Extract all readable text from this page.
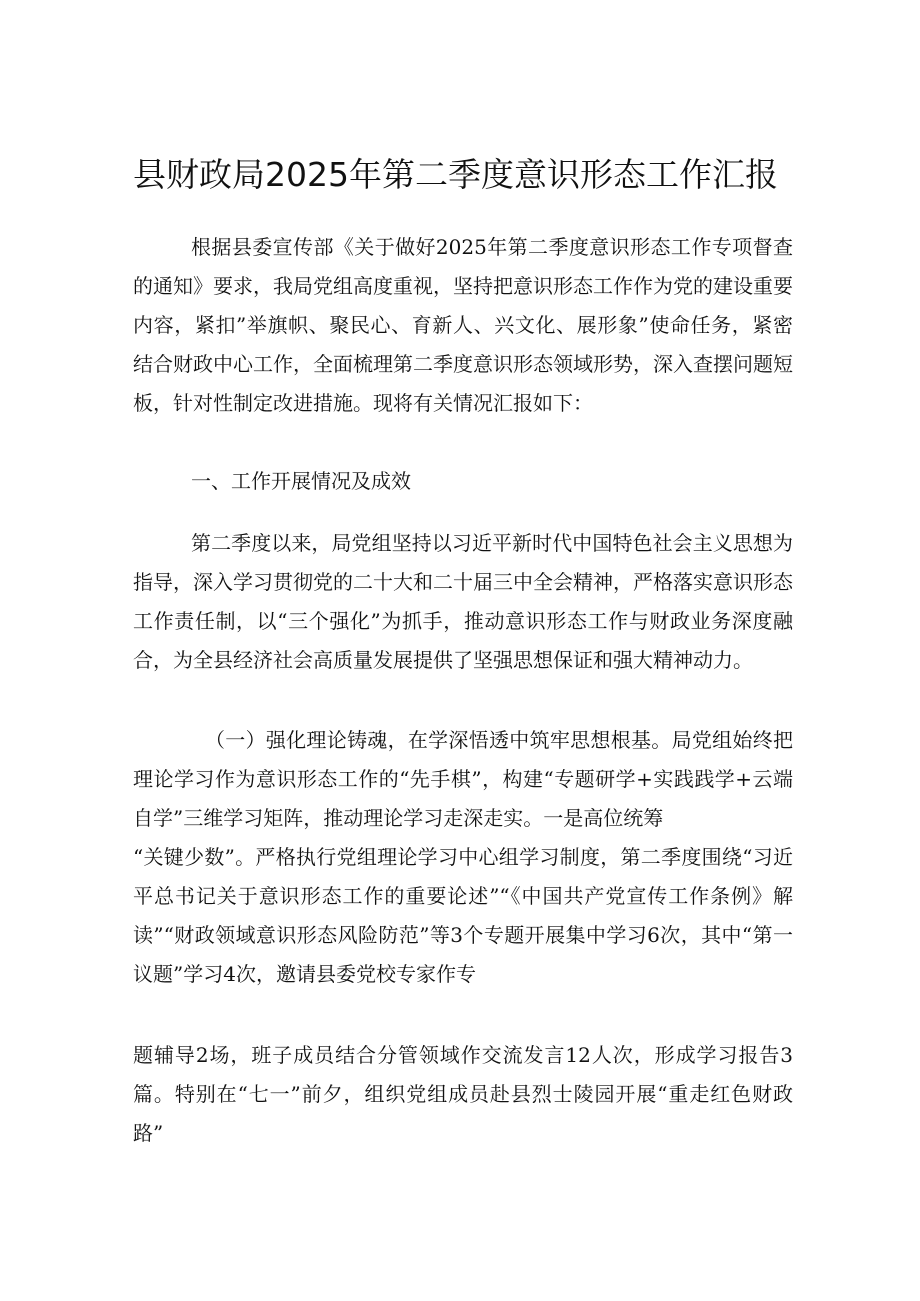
县财政局2025年第二季度意识形态工作汇报

根据县委宣传部《关于做好2025年第二季度意识形态工作专项督查的通知》要求，我局党组高度重视，坚持把意识形态工作作为党的建设重要内容，紧扣”举旗帜、聚民心、育新人、兴文化、展形象”使命任务，紧密结合财政中心工作，全面梳理第二季度意识形态领域形势，深入查摆问题短板，针对性制定改进措施。现将有关情况汇报如下：

一、工作开展情况及成效

第二季度以来，局党组坚持以习近平新时代中国特色社会主义思想为指导，深入学习贯彻党的二十大和二十届三中全会精神，严格落实意识形态工作责任制，以“三个强化”为抓手，推动意识形态工作与财政业务深度融合，为全县经济社会高质量发展提供了坚强思想保证和强大精神动力。

（一）强化理论铸魂，在学深悟透中筑牢思想根基。局党组始终把理论学习作为意识形态工作的“先手棋”，构建“专题研学+实践践学+云端自学”三维学习矩阵，推动理论学习走深走实。一是高位统筹

“关键少数”。严格执行党组理论学习中心组学习制度，第二季度围绕“习近平总书记关于意识形态工作的重要论述”“《中国共产党宣传工作条例》解读”“财政领域意识形态风险防范”等3个专题开展集中学习6次，其中“第一议题”学习4次，邀请县委党校专家作专

题辅导2场，班子成员结合分管领域作交流发言12人次，形成学习报告3篇。特别在“七一”前夕，组织党组成员赴县烈士陵园开展“重走红色财政路”
